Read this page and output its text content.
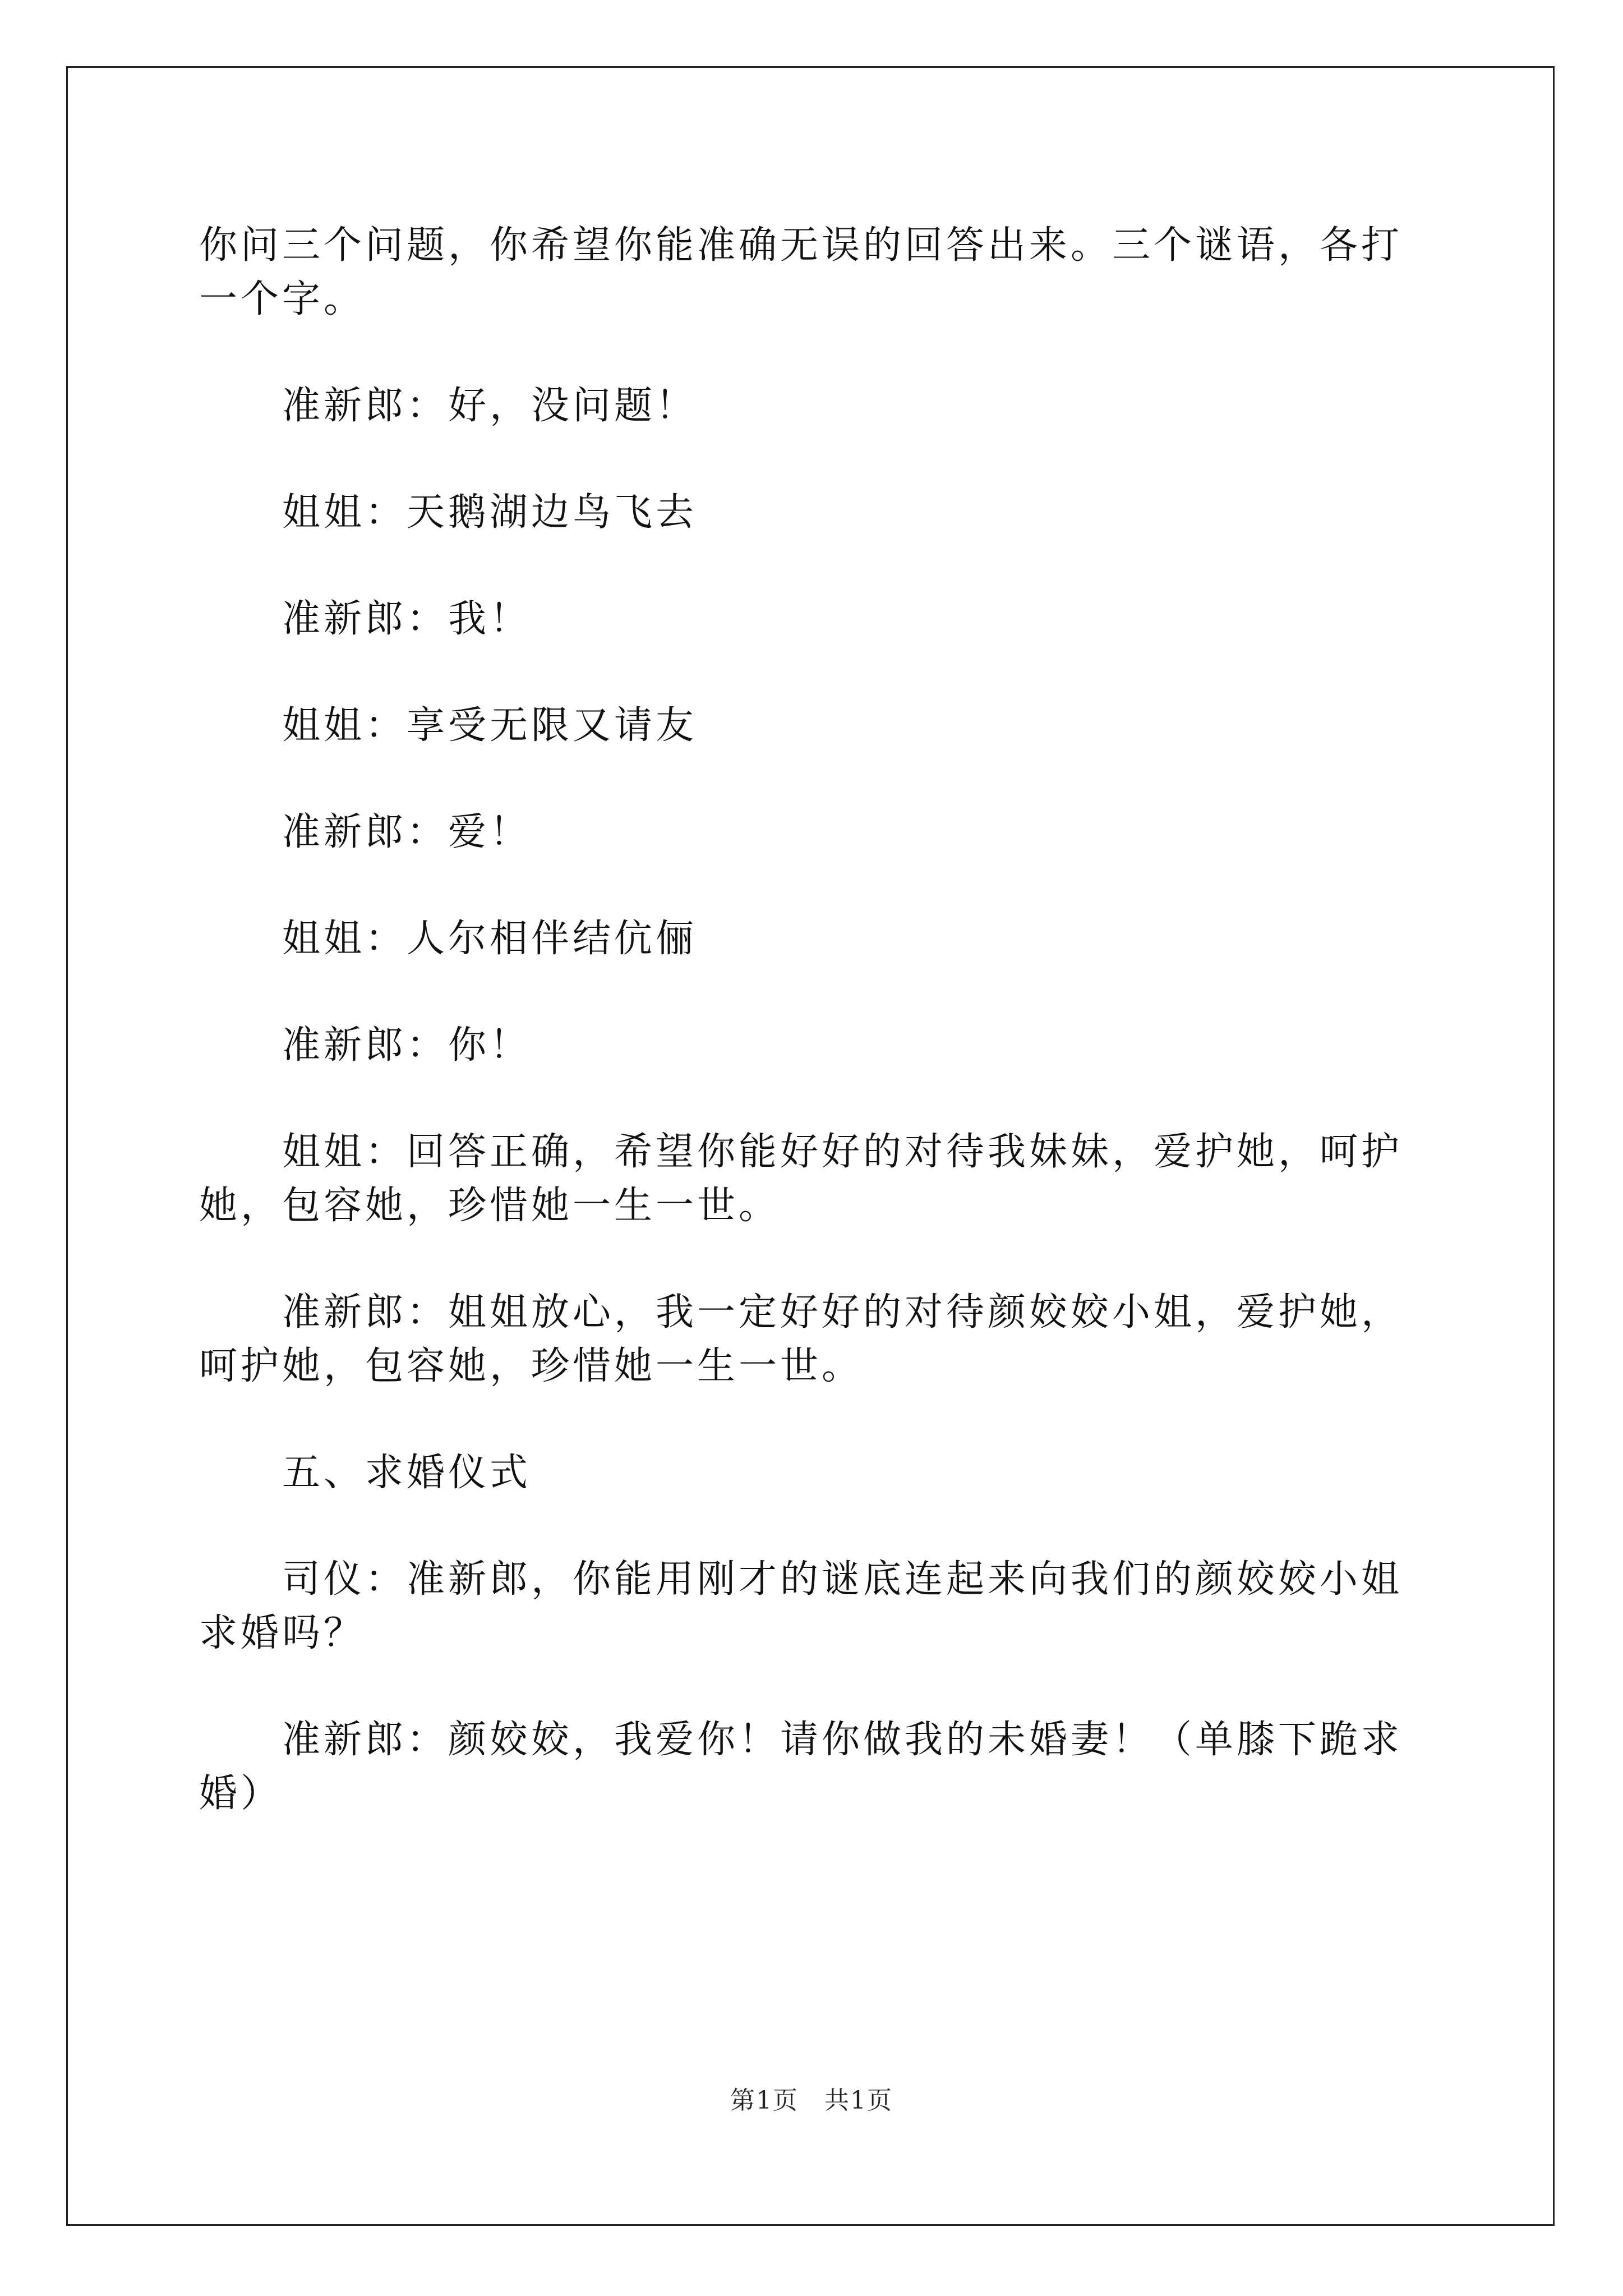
你问三个问题，你希望你能准确无误的回答出来。三个谜语，各打一个字。

准新郎：好，没问题！

姐姐：天鹅湖边鸟飞去

准新郎：我！

姐姐：享受无限又请友

准新郎：爱！

姐姐：人尔相伴结伉俪

准新郎：你！

姐姐：回答正确，希望你能好好的对待我妹妹，爱护她，呵护她，包容她，珍惜她一生一世。

准新郎：姐姐放心，我一定好好的对待颜姣姣小姐，爱护她，呵护她，包容她，珍惜她一生一世。

五、求婚仪式

司仪：准新郎，你能用刚才的谜底连起来向我们的颜姣姣小姐求婚吗？

准新郎：颜姣姣，我爱你！请你做我的未婚妻！（单膝下跪求婚）

第1页　共1页
